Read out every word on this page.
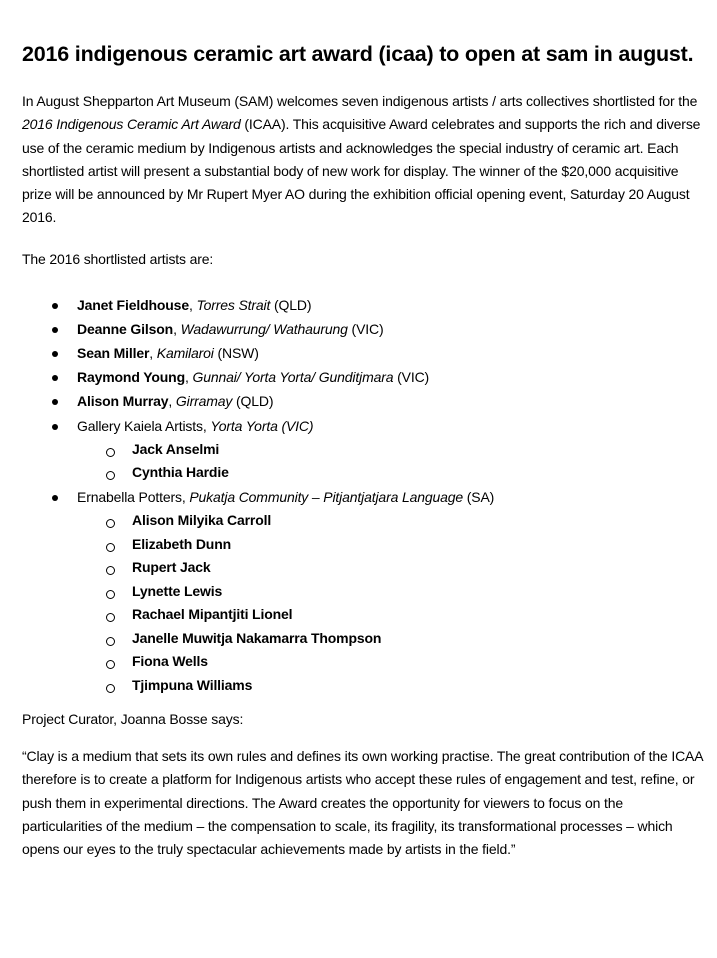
2016 indigenous ceramic art award (icaa) to open at sam in august.

In August Shepparton Art Museum (SAM) welcomes seven indigenous artists / arts collectives shortlisted for the 2016 Indigenous Ceramic Art Award (ICAA). This acquisitive Award celebrates and supports the rich and diverse use of the ceramic medium by Indigenous artists and acknowledges the special industry of ceramic art. Each shortlisted artist will present a substantial body of new work for display. The winner of the $20,000 acquisitive prize will be announced by Mr Rupert Myer AO during the exhibition official opening event, Saturday 20 August 2016.

The 2016 shortlisted artists are:

Janet Fieldhouse, Torres Strait (QLD)
Deanne Gilson, Wadawurrung/ Wathaurung (VIC)
Sean Miller, Kamilaroi (NSW)
Raymond Young, Gunnai/ Yorta Yorta/ Gunditjmara (VIC)
Alison Murray, Girramay (QLD)
Gallery Kaiela Artists, Yorta Yorta (VIC)
Jack Anselmi
Cynthia Hardie
Ernabella Potters, Pukatja Community – Pitjantjatjara Language (SA)
Alison Milyika Carroll
Elizabeth Dunn
Rupert Jack
Lynette Lewis
Rachael Mipantjiti Lionel
Janelle Muwitja Nakamarra Thompson
Fiona Wells
Tjimpuna Williams

Project Curator, Joanna Bosse says:

“Clay is a medium that sets its own rules and defines its own working practise. The great contribution of the ICAA therefore is to create a platform for Indigenous artists who accept these rules of engagement and test, refine, or push them in experimental directions. The Award creates the opportunity for viewers to focus on the particularities of the medium – the compensation to scale, its fragility, its transformational processes – which opens our eyes to the truly spectacular achievements made by artists in the field.”
